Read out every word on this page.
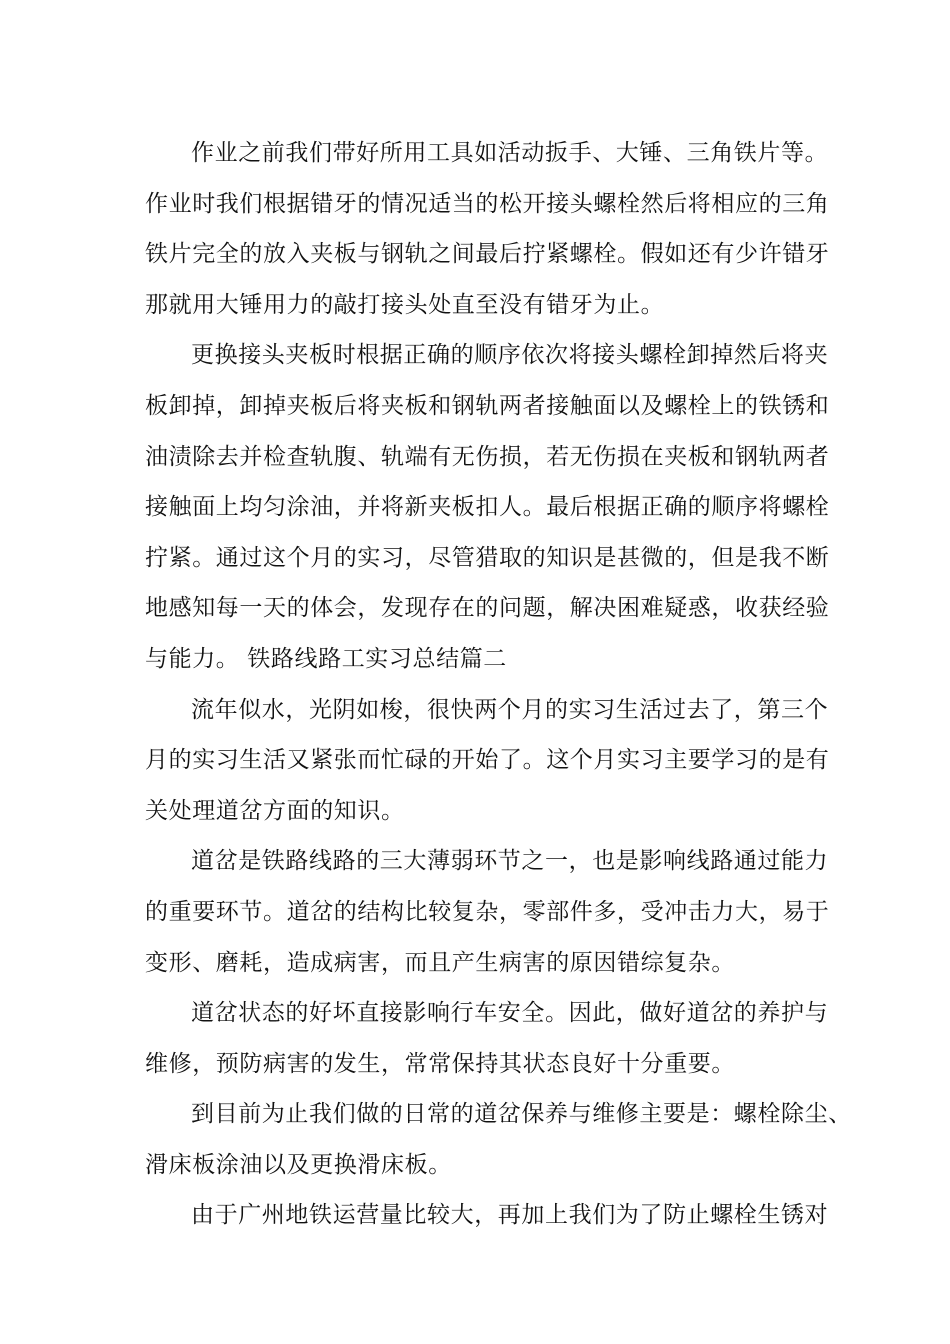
作业之前我们带好所用工具如活动扳手、大锤、三角铁片等。
作业时我们根据错牙的情况适当的松开接头螺栓然后将相应的三角
铁片完全的放入夹板与钢轨之间最后拧紧螺栓。假如还有少许错牙
那就用大锤用力的敲打接头处直至没有错牙为止。
更换接头夹板时根据正确的顺序依次将接头螺栓卸掉然后将夹
板卸掉，卸掉夹板后将夹板和钢轨两者接触面以及螺栓上的铁锈和
油渍除去并检查轨腹、轨端有无伤损，若无伤损在夹板和钢轨两者
接触面上均匀涂油，并将新夹板扣人。最后根据正确的顺序将螺栓
拧紧。通过这个月的实习，尽管猎取的知识是甚微的，但是我不断
地感知每一天的体会，发现存在的问题，解决困难疑惑，收获经验
与能力。 铁路线路工实习总结篇二
流年似水，光阴如梭，很快两个月的实习生活过去了，第三个
月的实习生活又紧张而忙碌的开始了。这个月实习主要学习的是有
关处理道岔方面的知识。
道岔是铁路线路的三大薄弱环节之一，也是影响线路通过能力
的重要环节。道岔的结构比较复杂，零部件多，受冲击力大，易于
变形、磨耗，造成病害，而且产生病害的原因错综复杂。
道岔状态的好坏直接影响行车安全。因此，做好道岔的养护与
维修，预防病害的发生，常常保持其状态良好十分重要。
到目前为止我们做的日常的道岔保养与维修主要是：螺栓除尘、
滑床板涂油以及更换滑床板。
由于广州地铁运营量比较大，再加上我们为了防止螺栓生锈对
